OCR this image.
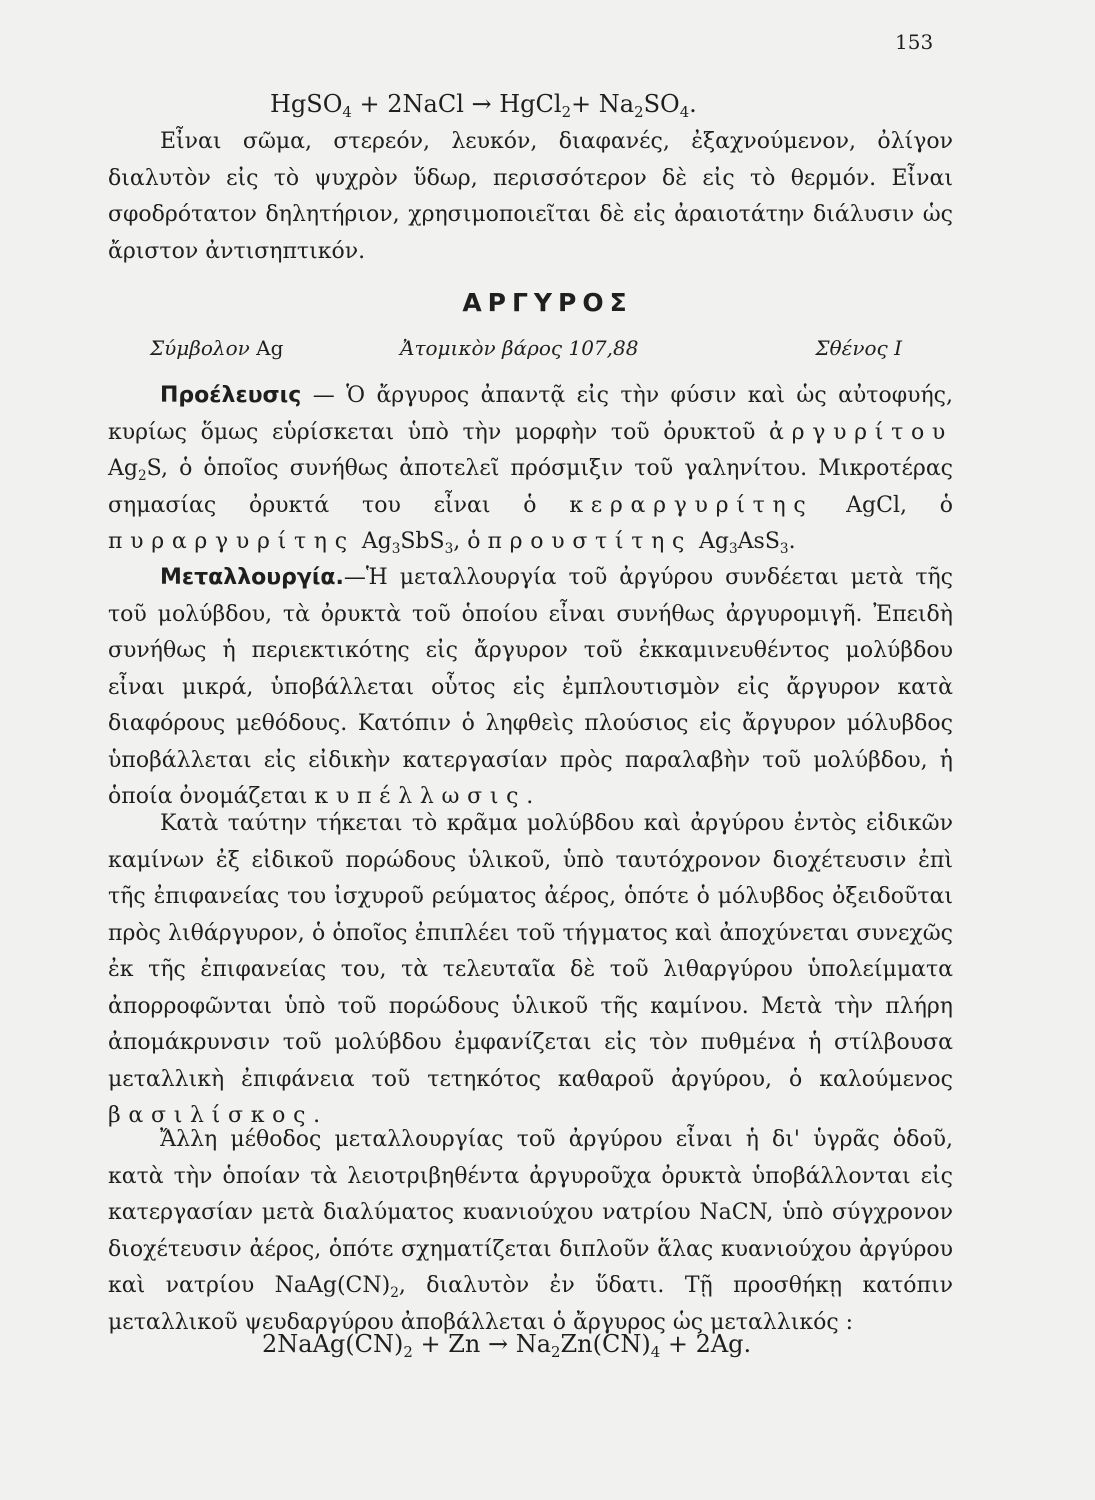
153
HgSO$_4$ + 2NaCl → HgCl$_2$+ $Na_2SO_4$.
Εἶναι σῶμα, στερεόν, λευκόν, διαφανές, ἐξαχνούμενον, ὀλίγον διαλυτὸν εἰς τὸ ψυχρὸν ὕδωρ, περισσότερον δὲ εἰς τὸ θερμόν. Εἶναι σφοδρότατον δηλητήριον, χρησιμοποιεῖται δὲ εἰς ἀραιοτάτην διάλυσιν ὡς ἄριστον ἀντισηπτικόν.
ΑΡΓΥΡΟΣ
Σύμβολον Ag	Ἀτομικὸν βάρος 107,88	Σθένος I
Προέλευσις — Ὁ ἄργυρος ἀπαντᾷ εἰς τὴν φύσιν καὶ ὡς αὐτοφυής, κυρίως ὅμως εὑρίσκεται ὑπὸ τὴν μορφὴν τοῦ ὀρυκτοῦ ἀργυρίτου $Ag_2S$, ὁ ὁποῖος συνήθως ἀποτελεῖ πρόσμιξιν τοῦ γαληνίτου. Μικροτέρας σημασίας ὀρυκτά του εἶναι ὁ κεραργυρίτης AgCl, ὁ πυραργυρίτης $Ag_3SbS_3$, ὁ προυστίτης $Ag_3AsS_3$.
Μεταλλουργία.—Ἡ μεταλλουργία τοῦ ἀργύρου συνδέεται μετὰ τῆς τοῦ μολύβδου, τὰ ὀρυκτὰ τοῦ ὁποίου εἶναι συνήθως ἀργυρομιγῆ. Ἐπειδὴ συνήθως ἡ περιεκτικότης εἰς ἄργυρον τοῦ ἐκκαμινευθέντος μολύβδου εἶναι μικρά, ὑποβάλλεται οὗτος εἰς ἐμπλουτισμὸν εἰς ἄργυρον κατὰ διαφόρους μεθόδους. Κατόπιν ὁ ληφθεὶς πλούσιος εἰς ἄργυρον μόλυβδος ὑποβάλλεται εἰς εἰδικὴν κατεργασίαν πρὸς παραλαβὴν τοῦ μολύβδου, ἡ ὁποία ὀνομάζεται κυπέλλωσις.
Κατὰ ταύτην τήκεται τὸ κρᾶμα μολύβδου καὶ ἀργύρου ἐντὸς εἰδικῶν καμίνων ἐξ εἰδικοῦ πορώδους ὑλικοῦ, ὑπὸ ταυτόχρονον διοχέτευσιν ἐπὶ τῆς ἐπιφανείας του ἰσχυροῦ ρεύματος ἀέρος, ὁπότε ὁ μόλυβδος ὀξειδοῦται πρὸς λιθάργυρον, ὁ ὁποῖος ἐπιπλέει τοῦ τήγματος καὶ ἀποχύνεται συνεχῶς ἐκ τῆς ἐπιφανείας του, τὰ τελευταῖα δὲ τοῦ λιθαργύρου ὑπολείμματα ἀπορροφῶνται ὑπὸ τοῦ πορώδους ὑλικοῦ τῆς καμίνου. Μετὰ τὴν πλήρη ἀπομάκρυνσιν τοῦ μολύβδου ἐμφανίζεται εἰς τὸν πυθμένα ἡ στίλβουσα μεταλλικὴ ἐπιφάνεια τοῦ τετηκότος καθαροῦ ἀργύρου, ὁ καλούμενος βασιλίσκος.
Ἄλλη μέθοδος μεταλλουργίας τοῦ ἀργύρου εἶναι ἡ δι' ὑγρᾶς ὁδοῦ, κατὰ τὴν ὁποίαν τὰ λειοτριβηθέντα ἀργυροῦχα ὀρυκτὰ ὑποβάλλονται εἰς κατεργασίαν μετὰ διαλύματος κυανιούχου νατρίου NaCN, ὑπὸ σύγχρονον διοχέτευσιν ἀέρος, ὁπότε σχηματίζεται διπλοῦν ἅλας κυανιούχου ἀργύρου καὶ νατρίου $NaAg(CN)_2$, διαλυτὸν ἐν ὕδατι. Τῇ προσθήκῃ κατόπιν μεταλλικοῦ ψευδαργύρου ἀποβάλλεται ὁ ἄργυρος ὡς μεταλλικός :
$2NaAg(CN)_2 + Zn \to Na_2Zn(CN)_4 + 2Ag$.
